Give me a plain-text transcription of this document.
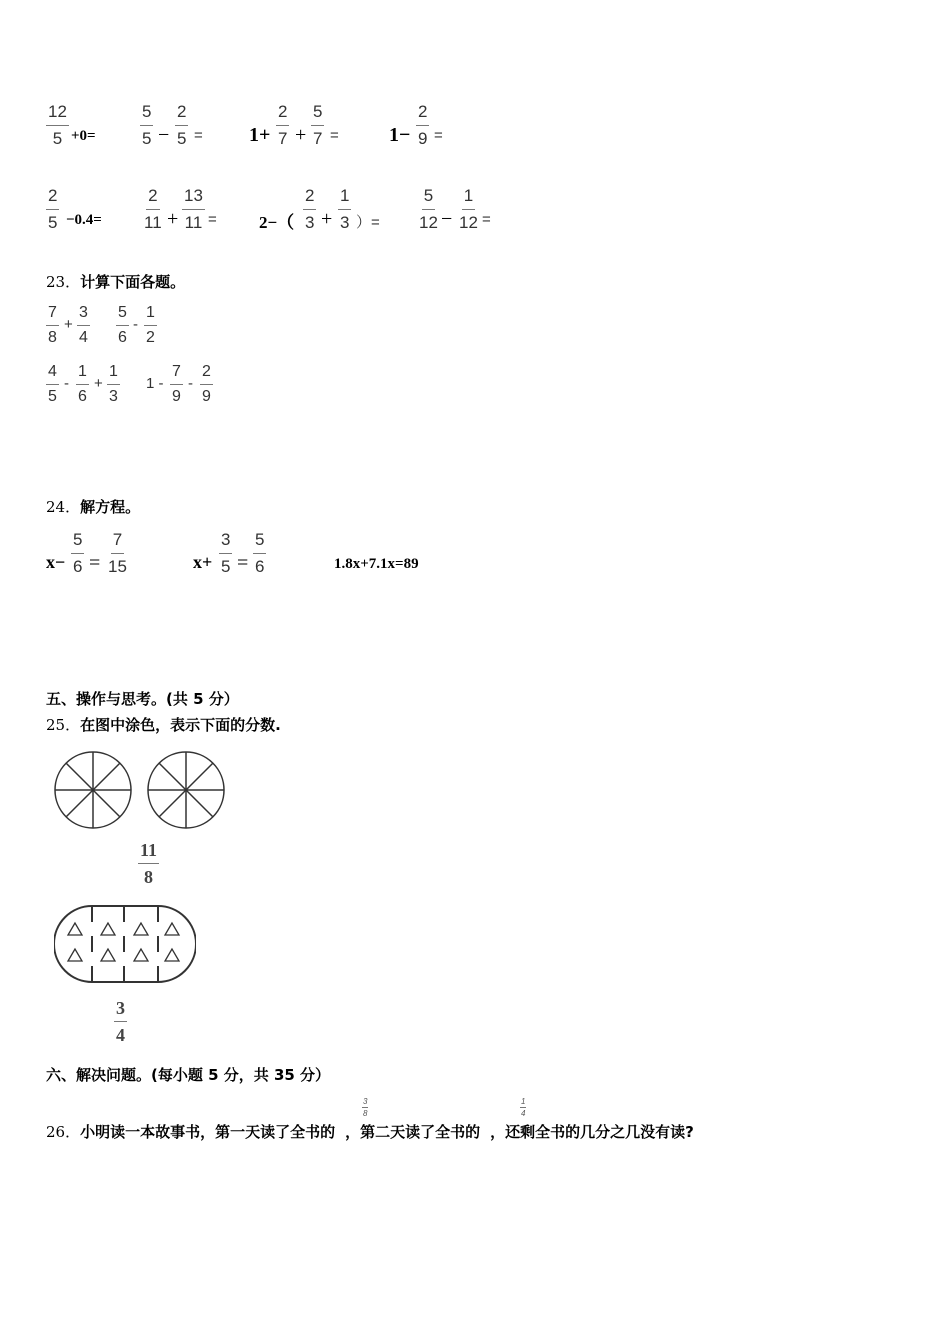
$\frac{12}{5} +0=$	$\frac{5}{5} - \frac{2}{5} = 1+ \frac{2}{7} + \frac{5}{7}$ =	$1- \frac{2}{9}$ =
$\frac{2}{5} -0.4= \frac{2}{11} + \frac{13}{11} = 2-( \frac{2}{3} + \frac{1}{3}$ ）= $\frac{5}{12} - \frac{1}{12}$ =
23．计算下面各题。
$\frac{7}{8} + \frac{3}{4} \frac{5}{6} - \frac{1}{2}$
$\frac{4}{5} - \frac{1}{6} + \frac{1}{3} 1 - \frac{7}{9} - \frac{2}{9}$
24．解方程。
$x- \frac{5}{6} = \frac{7}{15}$	$x+ \frac{3}{5} = \frac{5}{6}$	1.8x+7.1x=89
五、操作与思考。(共 5 分）
25．在图中涂色，表示下面的分数.
$\frac{11}{8}$
$\frac{3}{4}$
六、解决问题。(每小题 5 分，共 35 分）
26．小明读一本故事书，第一天读了全书的 ，第二天读了全书的 ，还剩全书的几分之几没有读?
$\frac{3}{8}$	$\frac{1}{4}$
